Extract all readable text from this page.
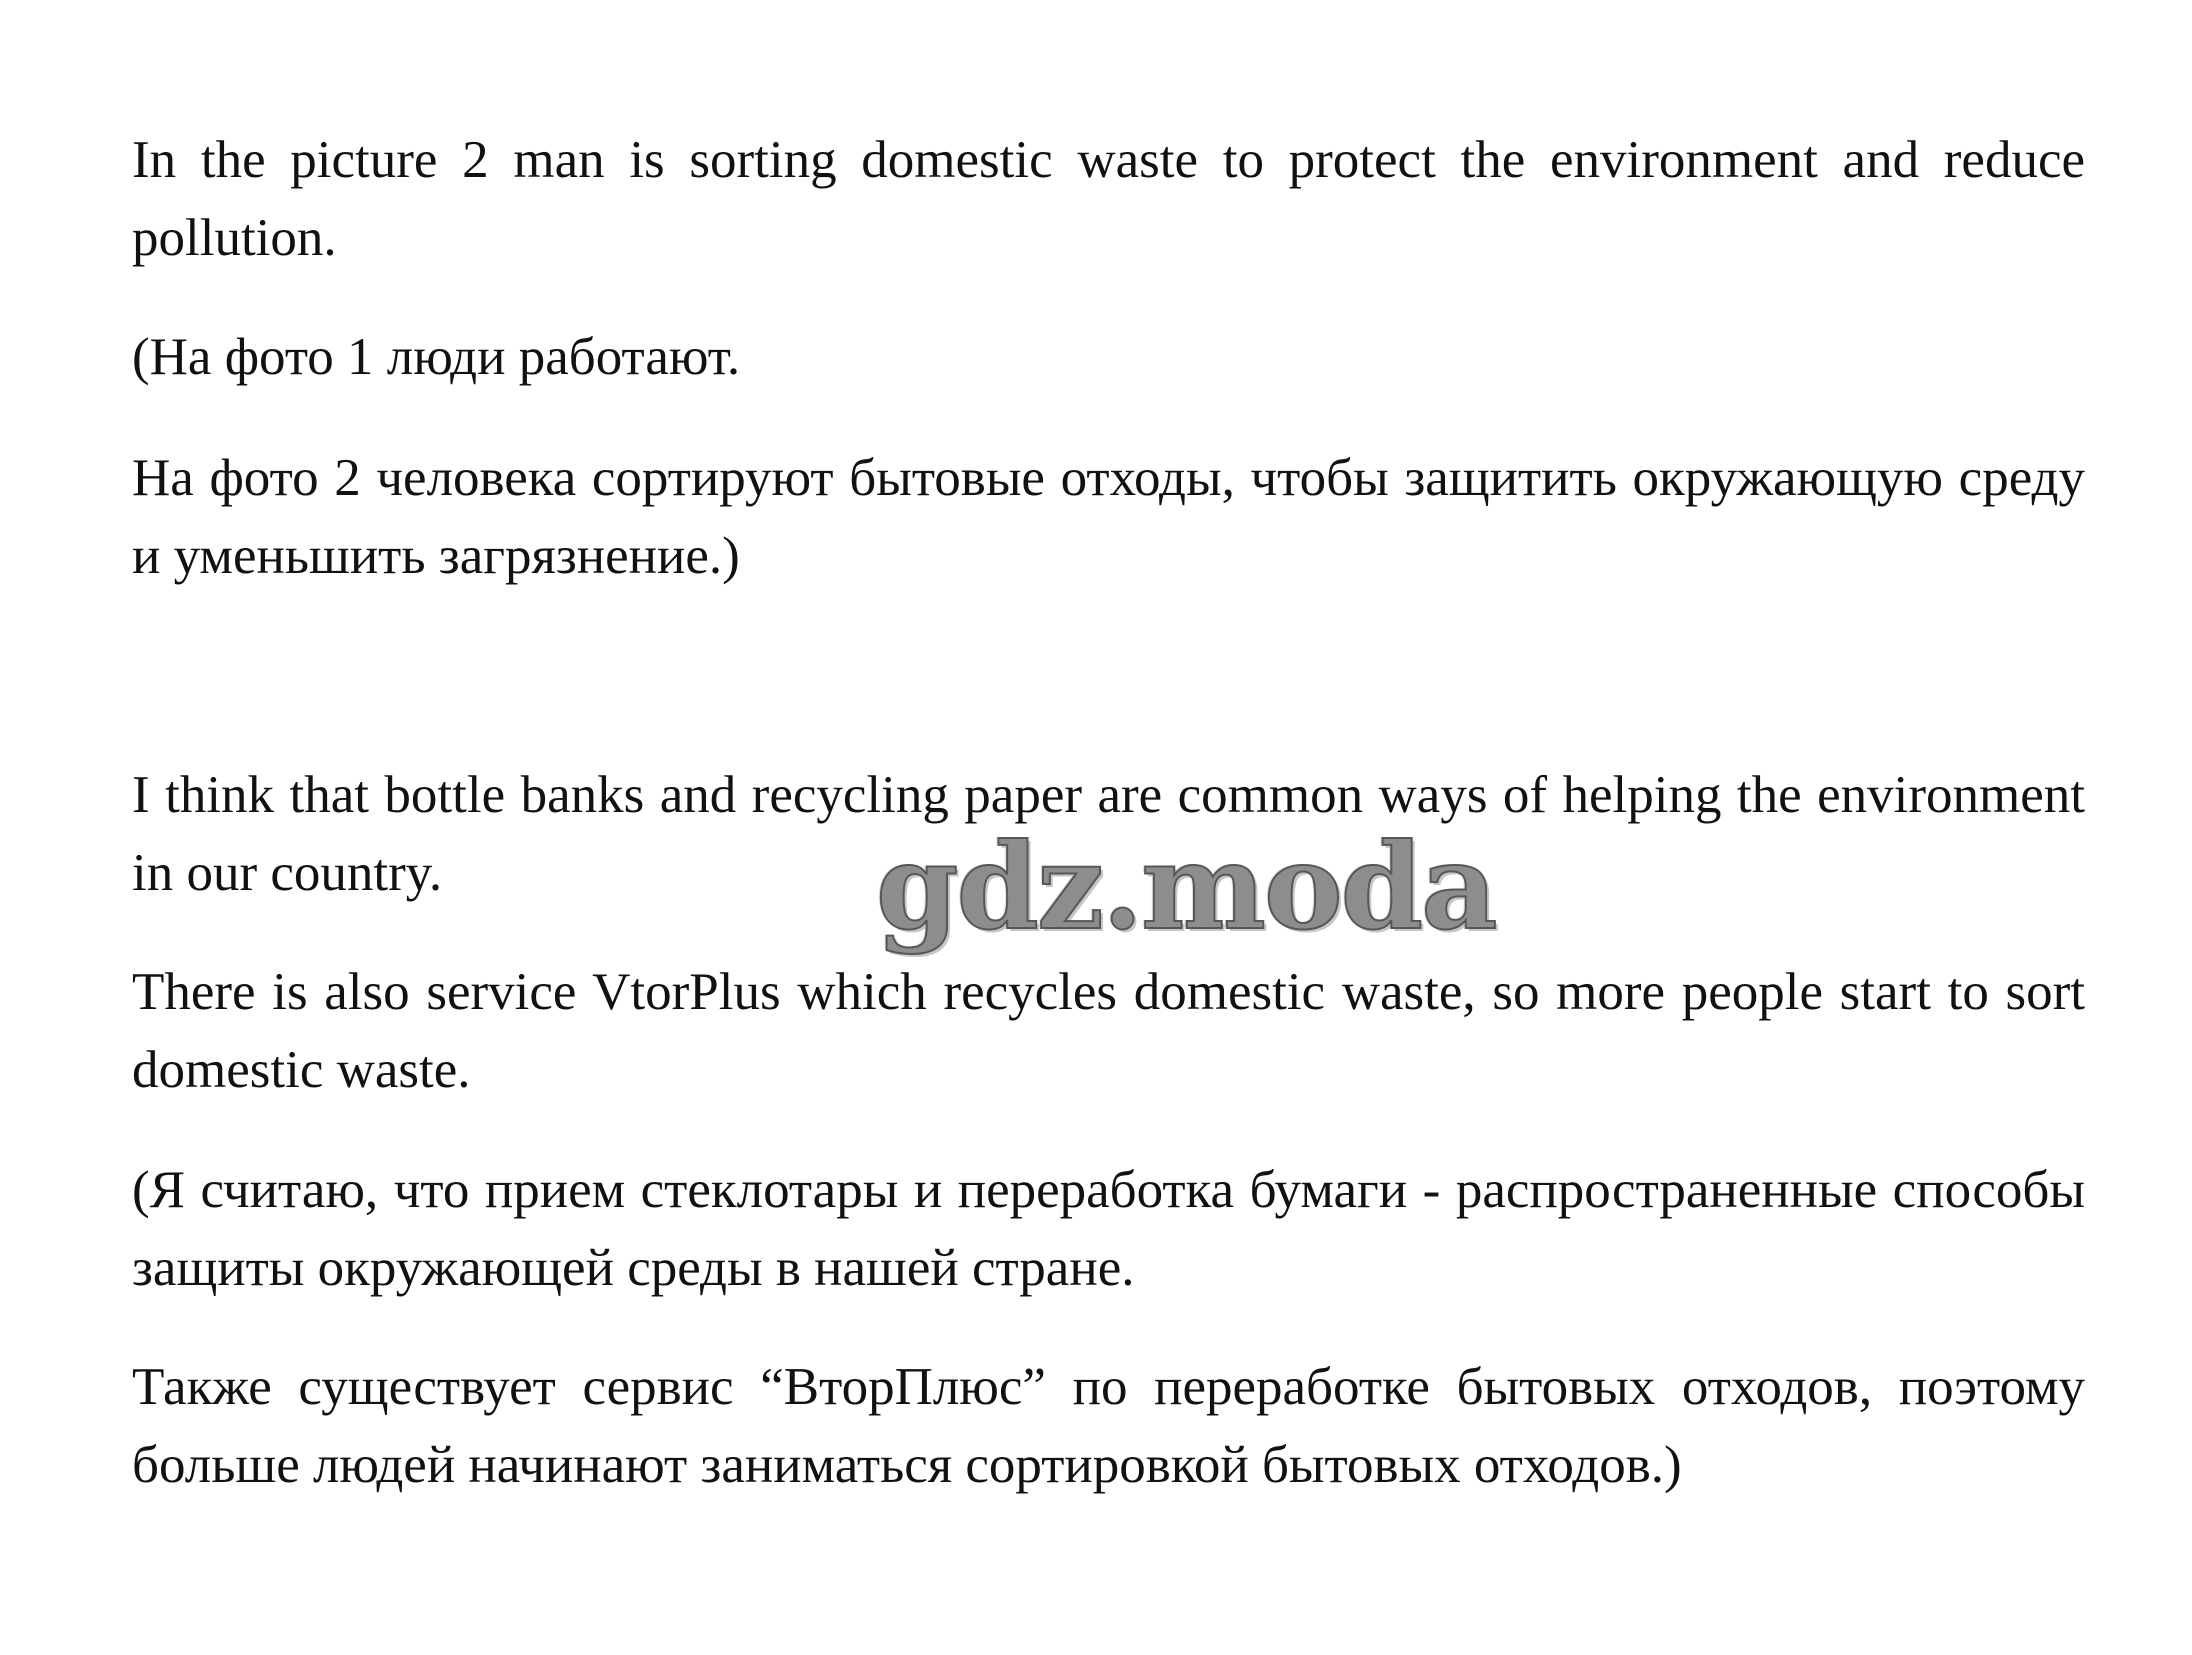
In the picture 2 man is sorting domestic waste to protect the environment and reduce pollution.

(На фото 1 люди работают.

На фото 2 человека сортируют бытовые отходы, чтобы защитить окружающую среду и уменьшить загрязнение.)

I think that bottle banks and recycling paper are common ways of helping the environment in our country.

There is also service VtorPlus which recycles domestic waste, so more people start to sort domestic waste.

(Я считаю, что прием стеклотары и переработка бумаги - распространенные способы защиты окружающей среды в нашей стране.

Также существует сервис “ВторПлюс” по переработке бытовых отходов, поэтому больше людей начинают заниматься сортировкой бытовых отходов.)

gdz.moda
